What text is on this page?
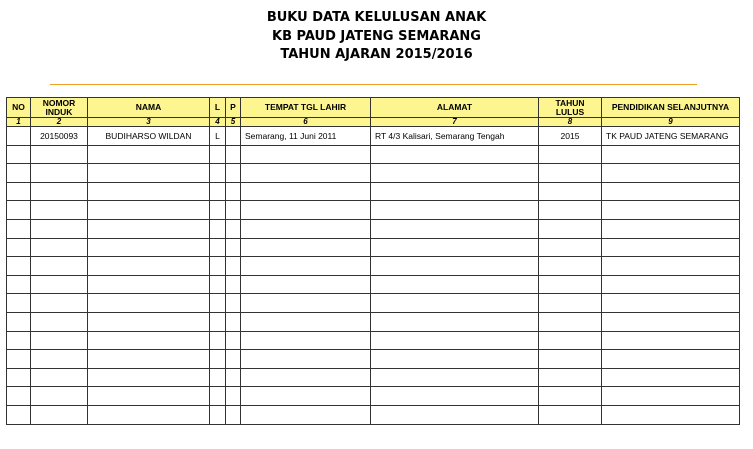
BUKU DATA KELULUSAN ANAK
KB PAUD JATENG SEMARANG
TAHUN AJARAN 2015/2016
NO	NOMOR INDUK	NAMA	L	P	TEMPAT TGL LAHIR	ALAMAT	TAHUN LULUS	PENDIDIKAN SELANJUTNYA
1	2	3	4	5	6	7	8	9
	20150093	BUDIHARSO WILDAN	L		Semarang, 11 Juni 2011	RT 4/3 Kalisari, Semarang Tengah	2015	TK PAUD JATENG SEMARANG
